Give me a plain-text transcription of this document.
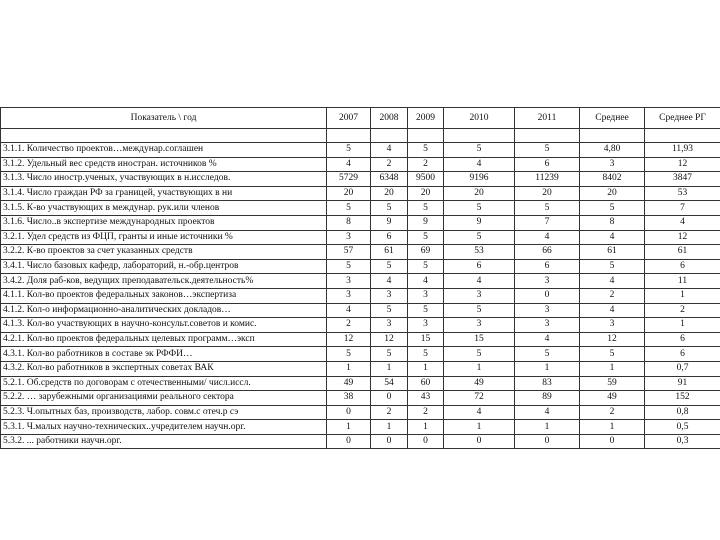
Показатель \ год	2007	2008	2009	2010	2011	Среднее	Среднее РГ

3.1.1. Количество проектов…междунар.соглашен	5	4	5	5	5	4,80	11,93
3.1.2. Удельный вес средств иностран. источников %	4	2	2	4	6	3	12
3.1.3. Число иностр.ученых, участвующих в н.исследов.	5729	6348	9500	9196	11239	8402	3847
3.1.4. Число граждан РФ за границей, участвующих в ни	20	20	20	20	20	20	53
3.1.5. К-во участвующих в междунар. рук.или членов	5	5	5	5	5	5	7
3.1.6. Число..в экспертизе международных проектов	8	9	9	9	7	8	4
3.2.1. Удел средств из ФЦП, гранты и иные источники %	3	6	5	5	4	4	12
3.2.2. К-во проектов за счет указанных средств	57	61	69	53	66	61	61
3.4.1. Число базовых кафедр, лабораторий, н.-обр.центров	5	5	5	6	6	5	6
3.4.2. Доля раб-ков, ведущих преподавательск.деятельность%	3	4	4	4	3	4	11
4.1.1. Кол-во проектов федеральных законов…экспертиза	3	3	3	3	0	2	1
4.1.2. Кол-о информационно-аналитических докладов…	4	5	5	5	3	4	2
4.1.3. Кол-во участвующих в научно-консульт.советов и комис.	2	3	3	3	3	3	1
4.2.1. Кол-во проектов федеральных целевых программ…эксп	12	12	15	15	4	12	6
4.3.1. Кол-во работников в составе эк РФФИ…	5	5	5	5	5	5	6
4.3.2. Кол-во работников в экспертных советах ВАК	1	1	1	1	1	1	0,7
5.2.1. Об.средств по договорам с отечественными/ числ.иссл.	49	54	60	49	83	59	91
5.2.2. … зарубежными организациями реального сектора	38	0	43	72	89	49	152
5.2.3. Ч.опытных баз, производств, лабор. совм.с отеч.р сэ	0	2	2	4	4	2	0,8
5.3.1. Ч.малых научно-технических..учредителем научн.орг.	1	1	1	1	1	1	0,5
5.3.2. ... работники научн.орг.	0	0	0	0	0	0	0,3
